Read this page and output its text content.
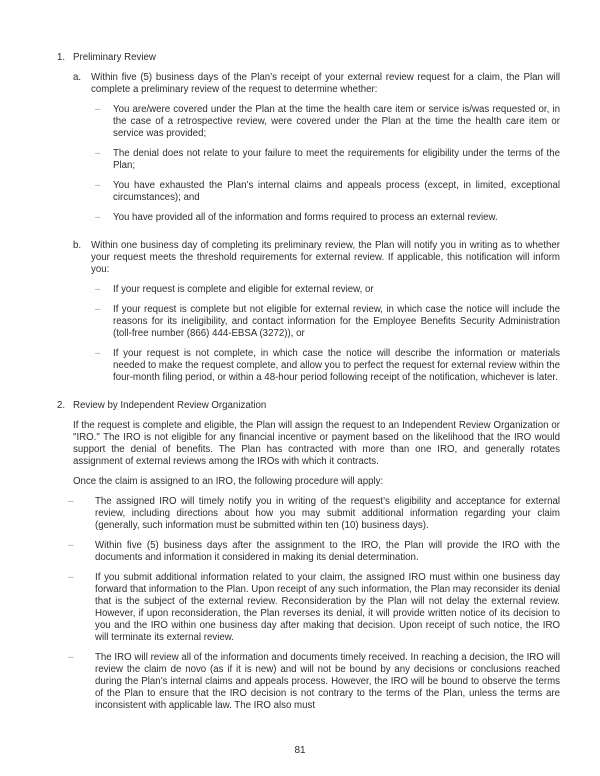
1. Preliminary Review
a.	Within five (5) business days of the Plan’s receipt of your external review request for a claim, the Plan will complete a preliminary review of the request to determine whether:

–	You are/were covered under the Plan at the time the health care item or service is/was requested or, in the case of a retrospective review, were covered under the Plan at the time the health care item or service was provided;

–	The denial does not relate to your failure to meet the requirements for eligibility under the terms of the Plan;

–	You have exhausted the Plan’s internal claims and appeals process (except, in limited, exceptional circumstances); and

–	You have provided all of the information and forms required to process an external review.

b.	Within one business day of completing its preliminary review, the Plan will notify you in writing as to whether your request meets the threshold requirements for external review. If applicable, this notification will inform you:

–	If your request is complete and eligible for external review, or

–	If your request is complete but not eligible for external review, in which case the notice will include the reasons for its ineligibility, and contact information for the Employee Benefits Security Administration (toll-free number (866) 444-EBSA (3272)), or

–	If your request is not complete, in which case the notice will describe the information or materials needed to make the request complete, and allow you to perfect the request for external review within the four-month filing period, or within a 48-hour period following receipt of the notification, whichever is later.

2. Review by Independent Review Organization

If the request is complete and eligible, the Plan will assign the request to an Independent Review Organization or "IRO." The IRO is not eligible for any financial incentive or payment based on the likelihood that the IRO would support the denial of benefits. The Plan has contracted with more than one IRO, and generally rotates assignment of external reviews among the IROs with which it contracts.

Once the claim is assigned to an IRO, the following procedure will apply:

–	The assigned IRO will timely notify you in writing of the request’s eligibility and acceptance for external review, including directions about how you may submit additional information regarding your claim (generally, such information must be submitted within ten (10) business days).

–	Within five (5) business days after the assignment to the IRO, the Plan will provide the IRO with the documents and information it considered in making its denial determination.

–	If you submit additional information related to your claim, the assigned IRO must within one business day forward that information to the Plan. Upon receipt of any such information, the Plan may reconsider its denial that is the subject of the external review. Reconsideration by the Plan will not delay the external review. However, if upon reconsideration, the Plan reverses its denial, it will provide written notice of its decision to you and the IRO within one business day after making that decision. Upon receipt of such notice, the IRO will terminate its external review.

–	The IRO will review all of the information and documents timely received. In reaching a decision, the IRO will review the claim de novo (as if it is new) and will not be bound by any decisions or conclusions reached during the Plan’s internal claims and appeals process. However, the IRO will be bound to observe the terms of the Plan to ensure that the IRO decision is not contrary to the terms of the Plan, unless the terms are inconsistent with applicable law. The IRO also must

81
